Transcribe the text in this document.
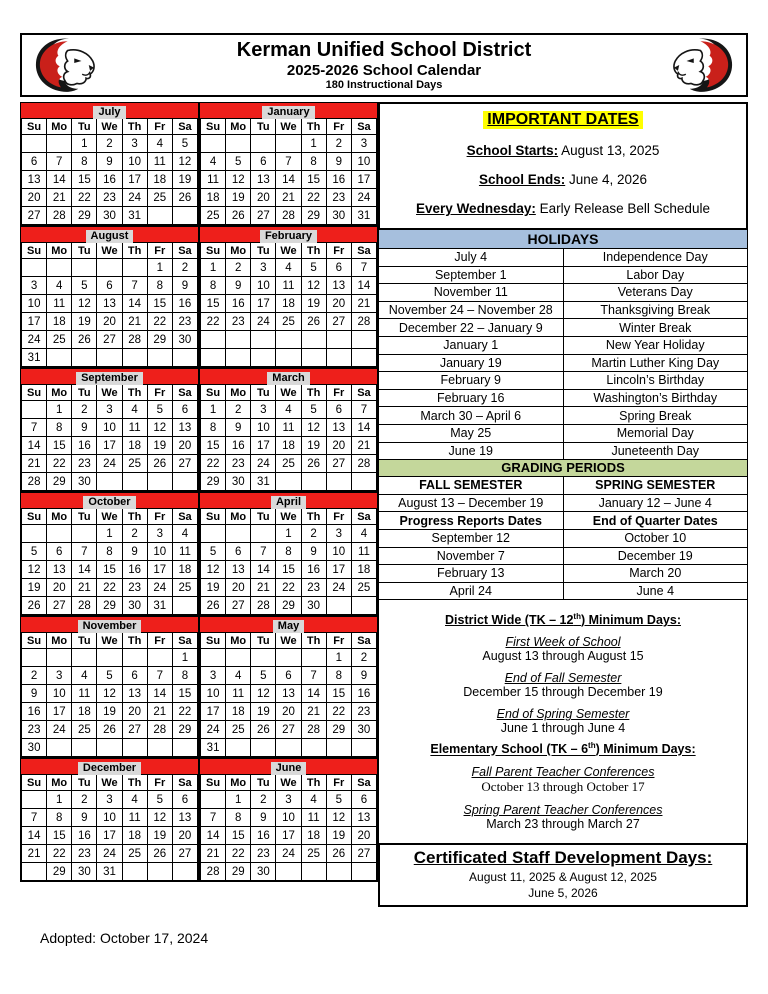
Kerman Unified School District
2025-2026 School Calendar
180 Instructional Days
July
Su	Mo	Tu	We	Th	Fr	Sa
		1	2	3	4	5
6	7	8	9	10	11	12
13	14	15	16	17	18	19
20	21	22	23	24	25	26
27	28	29	30	31		
January
Su	Mo	Tu	We	Th	Fr	Sa
				1	2	3
4	5	6	7	8	9	10
11	12	13	14	15	16	17
18	19	20	21	22	23	24
25	26	27	28	29	30	31
August
Su	Mo	Tu	We	Th	Fr	Sa
					1	2
3	4	5	6	7	8	9
10	11	12	13	14	15	16
17	18	19	20	21	22	23
24	25	26	27	28	29	30
31						
February
Su	Mo	Tu	We	Th	Fr	Sa
1	2	3	4	5	6	7
8	9	10	11	12	13	14
15	16	17	18	19	20	21
22	23	24	25	26	27	28

September
Su	Mo	Tu	We	Th	Fr	Sa
	1	2	3	4	5	6
7	8	9	10	11	12	13
14	15	16	17	18	19	20
21	22	23	24	25	26	27
28	29	30				
March
Su	Mo	Tu	We	Th	Fr	Sa
1	2	3	4	5	6	7
8	9	10	11	12	13	14
15	16	17	18	19	20	21
22	23	24	25	26	27	28
29	30	31				
October
Su	Mo	Tu	We	Th	Fr	Sa
			1	2	3	4
5	6	7	8	9	10	11
12	13	14	15	16	17	18
19	20	21	22	23	24	25
26	27	28	29	30	31	
April
Su	Mo	Tu	We	Th	Fr	Sa
			1	2	3	4
5	6	7	8	9	10	11
12	13	14	15	16	17	18
19	20	21	22	23	24	25
26	27	28	29	30		
November
Su	Mo	Tu	We	Th	Fr	Sa
						1
2	3	4	5	6	7	8
9	10	11	12	13	14	15
16	17	18	19	20	21	22
23	24	25	26	27	28	29
30						
May
Su	Mo	Tu	We	Th	Fr	Sa
					1	2
3	4	5	6	7	8	9
10	11	12	13	14	15	16
17	18	19	20	21	22	23
24	25	26	27	28	29	30
31						
December
Su	Mo	Tu	We	Th	Fr	Sa
	1	2	3	4	5	6
7	8	9	10	11	12	13
14	15	16	17	18	19	20
21	22	23	24	25	26	27
	29	30	31			
June
Su	Mo	Tu	We	Th	Fr	Sa
	1	2	3	4	5	6
7	8	9	10	11	12	13
14	15	16	17	18	19	20
21	22	23	24	25	26	27
28	29	30				
IMPORTANT DATES

School Starts: August 13, 2025

School Ends: June 4, 2026

Every Wednesday: Early Release Bell Schedule

HOLIDAYS
July 4	Independence Day
September 1	Labor Day
November 11	Veterans Day
November 24 – November 28	Thanksgiving Break
December 22 – January 9	Winter Break
January 1	New Year Holiday
January 19	Martin Luther King Day
February 9	Lincoln’s Birthday
February 16	Washington’s Birthday
March 30 – April 6	Spring Break
May 25	Memorial Day
June 19	Juneteenth Day
GRADING PERIODS
FALL SEMESTER	SPRING SEMESTER
August 13 – December 19	January 12 – June 4
Progress Reports Dates	End of Quarter Dates
September 12	October 10
November 7	December 19
February 13	March 20
April 24	June 4
District Wide (TK – 12th) Minimum Days:
First Week of School
August 13 through August 15
End of Fall Semester
December 15 through December 19
End of Spring Semester
June 1 through June 4
Elementary School (TK – 6th) Minimum Days:
Fall Parent Teacher Conferences
October 13 through October 17
Spring Parent Teacher Conferences
March 23 through March 27
Certificated Staff Development Days:
August 11, 2025 & August 12, 2025
June 5, 2026
Adopted: October 17, 2024
